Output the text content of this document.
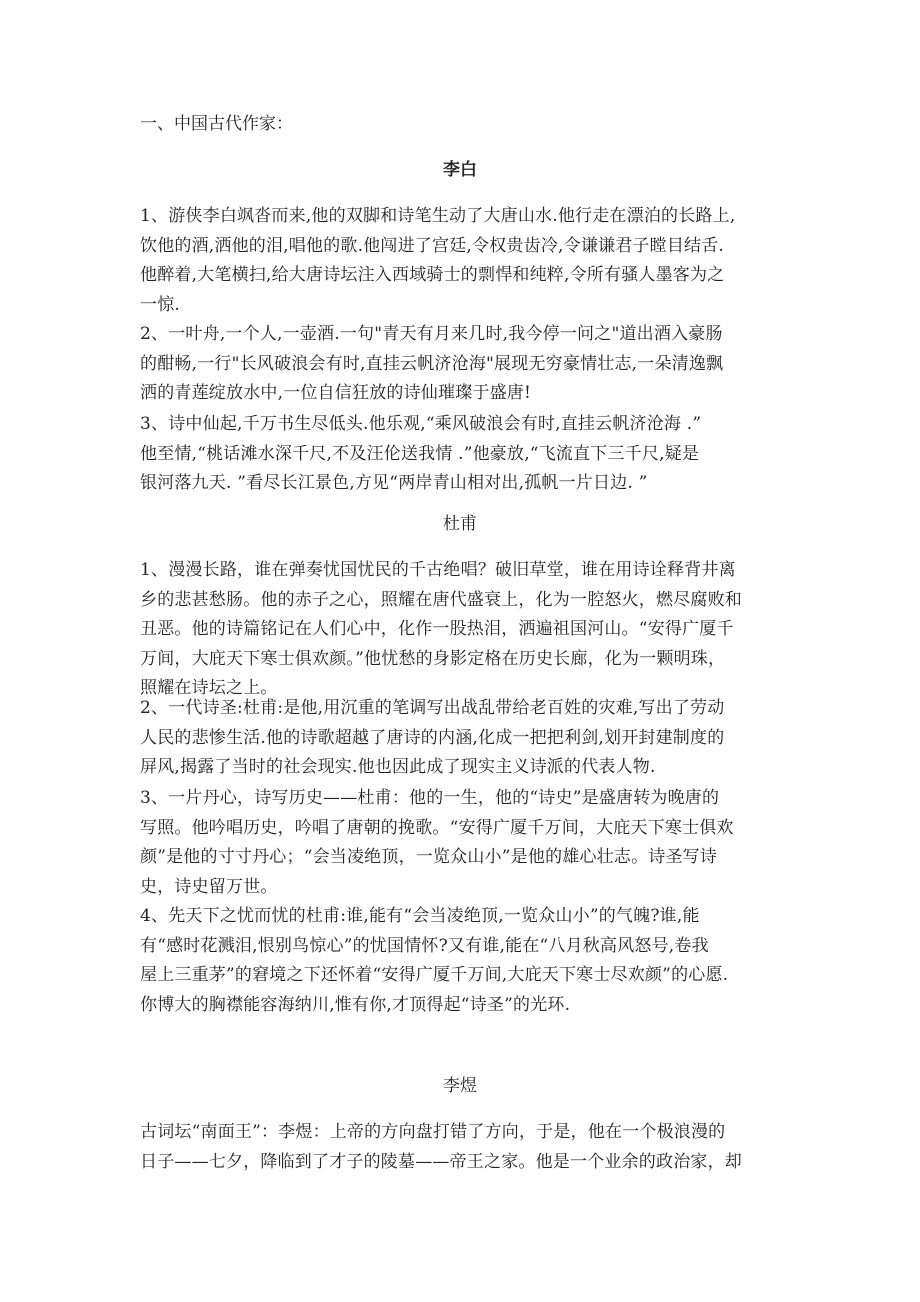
一、中国古代作家：
李白
1、游侠李白飒沓而来,他的双脚和诗笔生动了大唐山水.他行走在漂泊的长路上,
饮他的酒,洒他的泪,唱他的歌.他闯进了宫廷,令权贵齿冷,令谦谦君子瞠目结舌.
他醉着,大笔横扫,给大唐诗坛注入西域骑士的剽悍和纯粹,令所有骚人墨客为之
一惊.
2、一叶舟,一个人,一壶酒.一句"青天有月来几时,我今停一问之"道出酒入豪肠
的酣畅,一行"长风破浪会有时,直挂云帆济沧海"展现无穷豪情壮志,一朵清逸飘
洒的青莲绽放水中,一位自信狂放的诗仙璀璨于盛唐!
3、诗中仙起,千万书生尽低头.他乐观,“乘风破浪会有时,直挂云帆济沧海 .”
他至情,“桃话滩水深千尺,不及汪伦送我情 .”他豪放,“飞流直下三千尺,疑是
银河落九天. ”看尽长江景色,方见“两岸青山相对出,孤帆一片日边. ”
杜甫
1、漫漫长路，谁在弹奏忧国忧民的千古绝唱？破旧草堂，谁在用诗诠释背井离
乡的悲甚愁肠。他的赤子之心，照耀在唐代盛衰上，化为一腔怒火，燃尽腐败和
丑恶。他的诗篇铭记在人们心中，化作一股热泪，洒遍祖国河山。“安得广厦千
万间，大庇天下寒士俱欢颜。”他忧愁的身影定格在历史长廊，化为一颗明珠，
照耀在诗坛之上。
2、一代诗圣:杜甫:是他,用沉重的笔调写出战乱带给老百姓的灾难,写出了劳动
人民的悲惨生活.他的诗歌超越了唐诗的内涵,化成一把把利剑,划开封建制度的
屏风,揭露了当时的社会现实.他也因此成了现实主义诗派的代表人物.
3、一片丹心，诗写历史——杜甫：他的一生，他的“诗史”是盛唐转为晚唐的
写照。他吟唱历史，吟唱了唐朝的挽歌。“安得广厦千万间，大庇天下寒士俱欢
颜”是他的寸寸丹心；“会当凌绝顶，一览众山小”是他的雄心壮志。诗圣写诗
史，诗史留万世。
4、先天下之忧而忧的杜甫:谁,能有“会当凌绝顶,一览众山小”的气魄?谁,能
有“感时花溅泪,恨别鸟惊心”的忧国情怀?又有谁,能在“八月秋高风怒号,卷我
屋上三重茅”的窘境之下还怀着“安得广厦千万间,大庇天下寒士尽欢颜”的心愿.
你博大的胸襟能容海纳川,惟有你,才顶得起“诗圣”的光环.
李煜
古词坛“南面王”：李煜：上帝的方向盘打错了方向，于是，他在一个极浪漫的
日子——七夕，降临到了才子的陵墓——帝王之家。他是一个业余的政治家，却
